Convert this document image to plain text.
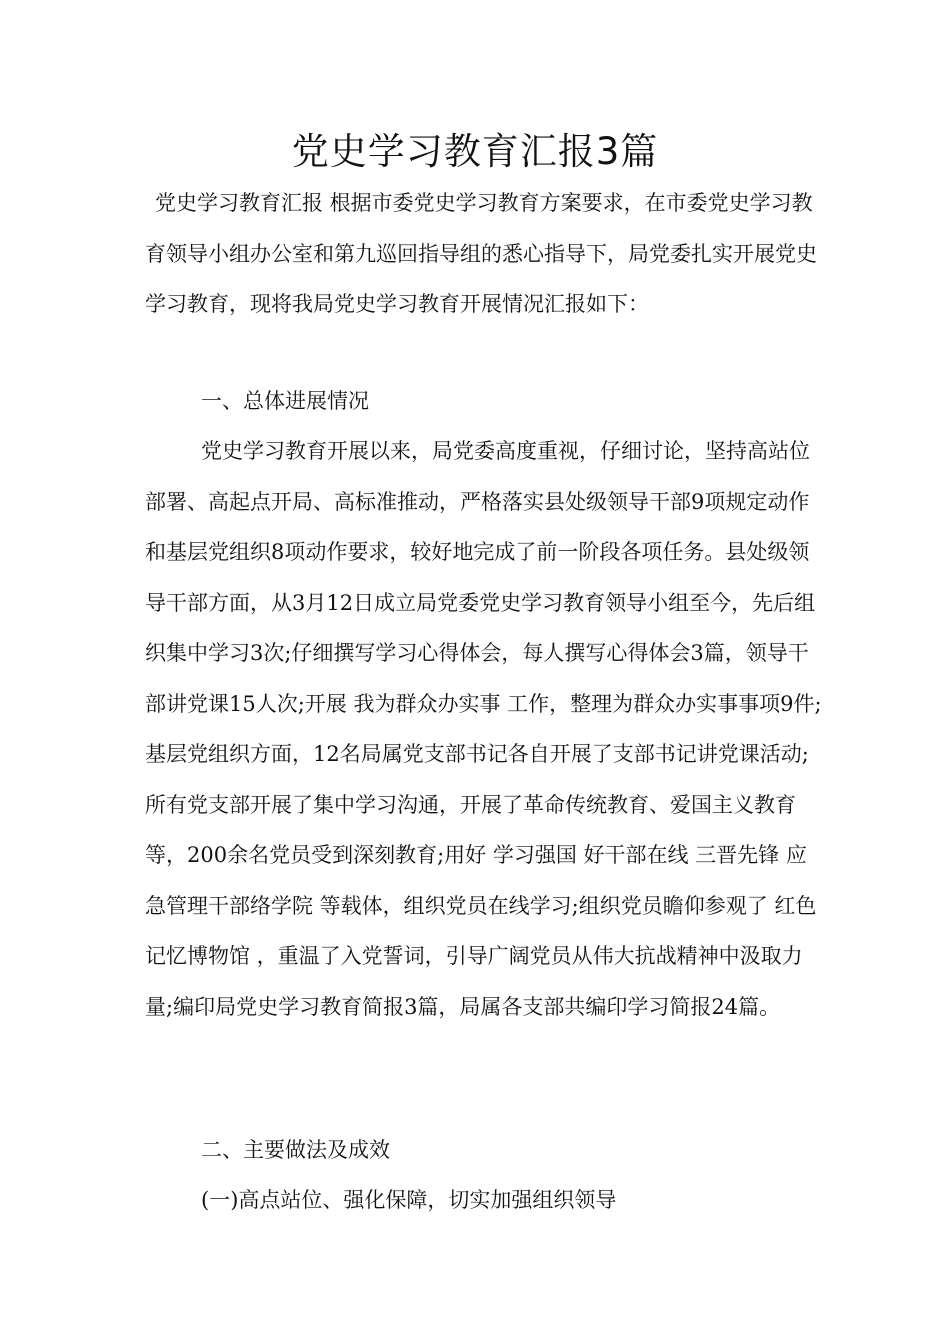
党史学习教育汇报3篇

党史学习教育汇报 根据市委党史学习教育方案要求，在市委党史学习教育领导小组办公室和第九巡回指导组的悉心指导下，局党委扎实开展党史学习教育，现将我局党史学习教育开展情况汇报如下：

一、总体进展情况

党史学习教育开展以来，局党委高度重视，仔细讨论，坚持高站位部署、高起点开局、高标准推动，严格落实县处级领导干部9项规定动作和基层党组织8项动作要求，较好地完成了前一阶段各项任务。县处级领导干部方面，从3月12日成立局党委党史学习教育领导小组至今，先后组织集中学习3次;仔细撰写学习心得体会，每人撰写心得体会3篇，领导干部讲党课15人次;开展 我为群众办实事 工作，整理为群众办实事事项9件;基层党组织方面，12名局属党支部书记各自开展了支部书记讲党课活动;所有党支部开展了集中学习沟通，开展了革命传统教育、爱国主义教育等，200余名党员受到深刻教育;用好 学习强国 好干部在线 三晋先锋 应急管理干部络学院 等载体，组织党员在线学习;组织党员瞻仰参观了 红色记忆博物馆 ，重温了入党誓词，引导广阔党员从伟大抗战精神中汲取力量;编印局党史学习教育简报3篇，局属各支部共编印学习简报24篇。

二、主要做法及成效

(一)高点站位、强化保障，切实加强组织领导
